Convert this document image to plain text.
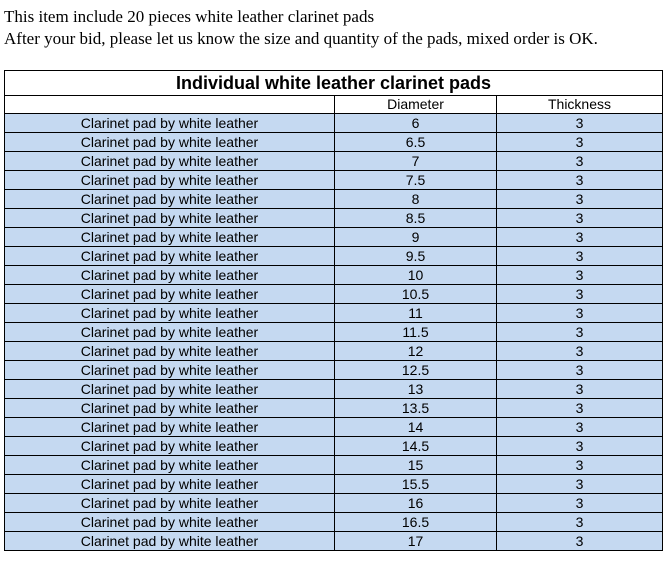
This item include 20 pieces white leather clarinet pads
After your bid, please let us know the size and quantity of the pads, mixed order is OK.
Individual white leather clarinet pads		
	Diameter	Thickness
Clarinet pad by white leather	6	3
Clarinet pad by white leather	6.5	3
Clarinet pad by white leather	7	3
Clarinet pad by white leather	7.5	3
Clarinet pad by white leather	8	3
Clarinet pad by white leather	8.5	3
Clarinet pad by white leather	9	3
Clarinet pad by white leather	9.5	3
Clarinet pad by white leather	10	3
Clarinet pad by white leather	10.5	3
Clarinet pad by white leather	11	3
Clarinet pad by white leather	11.5	3
Clarinet pad by white leather	12	3
Clarinet pad by white leather	12.5	3
Clarinet pad by white leather	13	3
Clarinet pad by white leather	13.5	3
Clarinet pad by white leather	14	3
Clarinet pad by white leather	14.5	3
Clarinet pad by white leather	15	3
Clarinet pad by white leather	15.5	3
Clarinet pad by white leather	16	3
Clarinet pad by white leather	16.5	3
Clarinet pad by white leather	17	3
